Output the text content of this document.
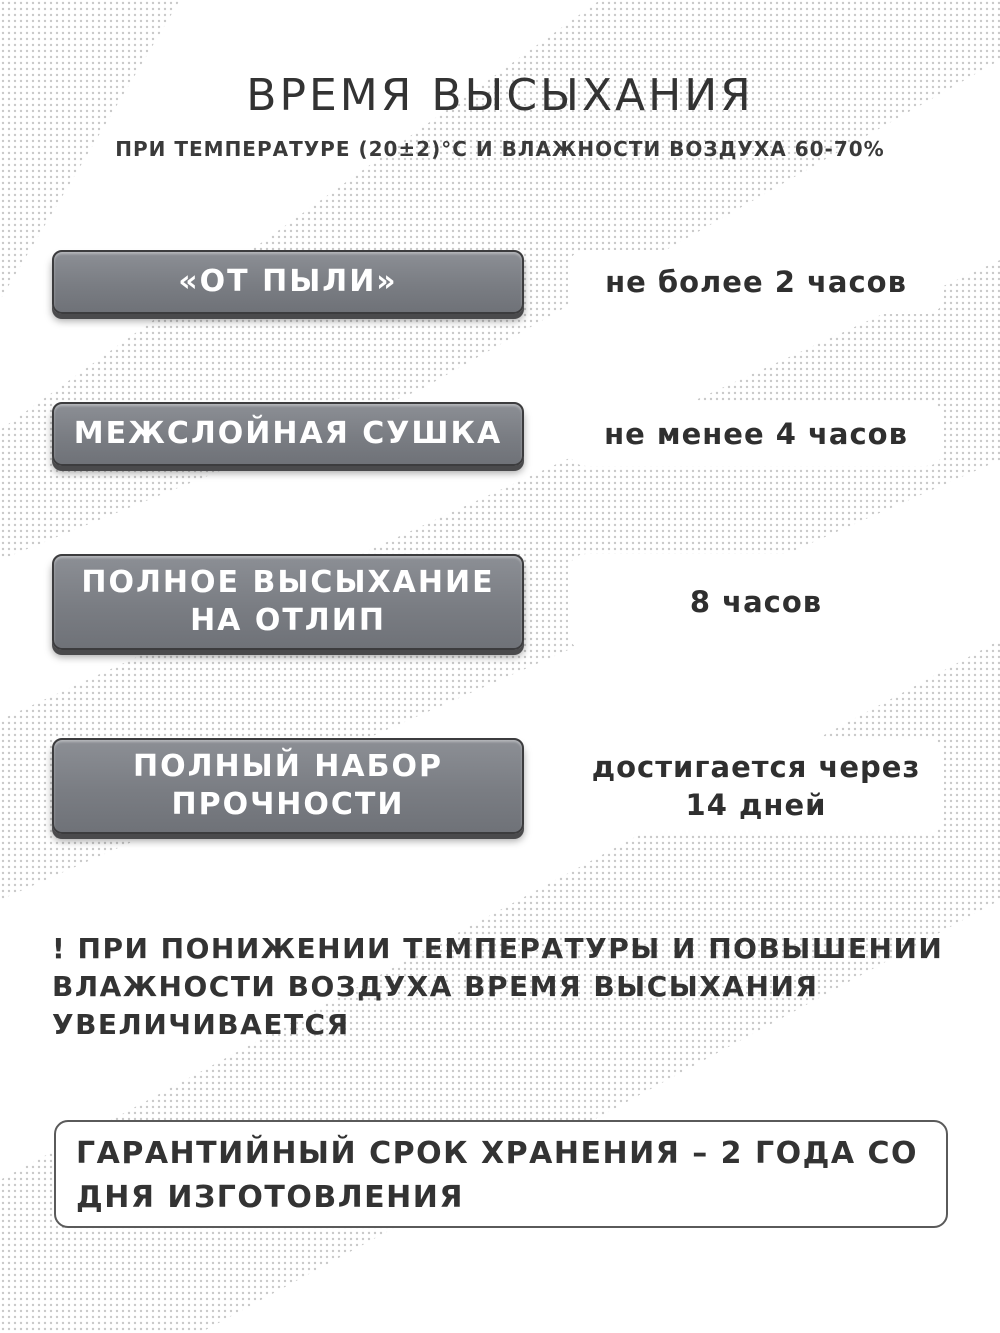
ВРЕМЯ ВЫСЫХАНИЯ
ПРИ ТЕМПЕРАТУРЕ (20±2)°С И ВЛАЖНОСТИ ВОЗДУХА 60-70%
«ОТ ПЫЛИ»	не более 2 часов
МЕЖСЛОЙНАЯ СУШКА	не менее 4 часов
ПОЛНОЕ ВЫСЫХАНИЕ
НА ОТЛИП
8 часов
ПОЛНЫЙ НАБОР
ПРОЧНОСТИ
достигается через
14 дней
! ПРИ ПОНИЖЕНИИ ТЕМПЕРАТУРЫ И ПОВЫШЕНИИ
ВЛАЖНОСТИ ВОЗДУХА ВРЕМЯ ВЫСЫХАНИЯ
УВЕЛИЧИВАЕТСЯ
ГАРАНТИЙНЫЙ СРОК ХРАНЕНИЯ – 2 ГОДА СО
ДНЯ ИЗГОТОВЛЕНИЯ
